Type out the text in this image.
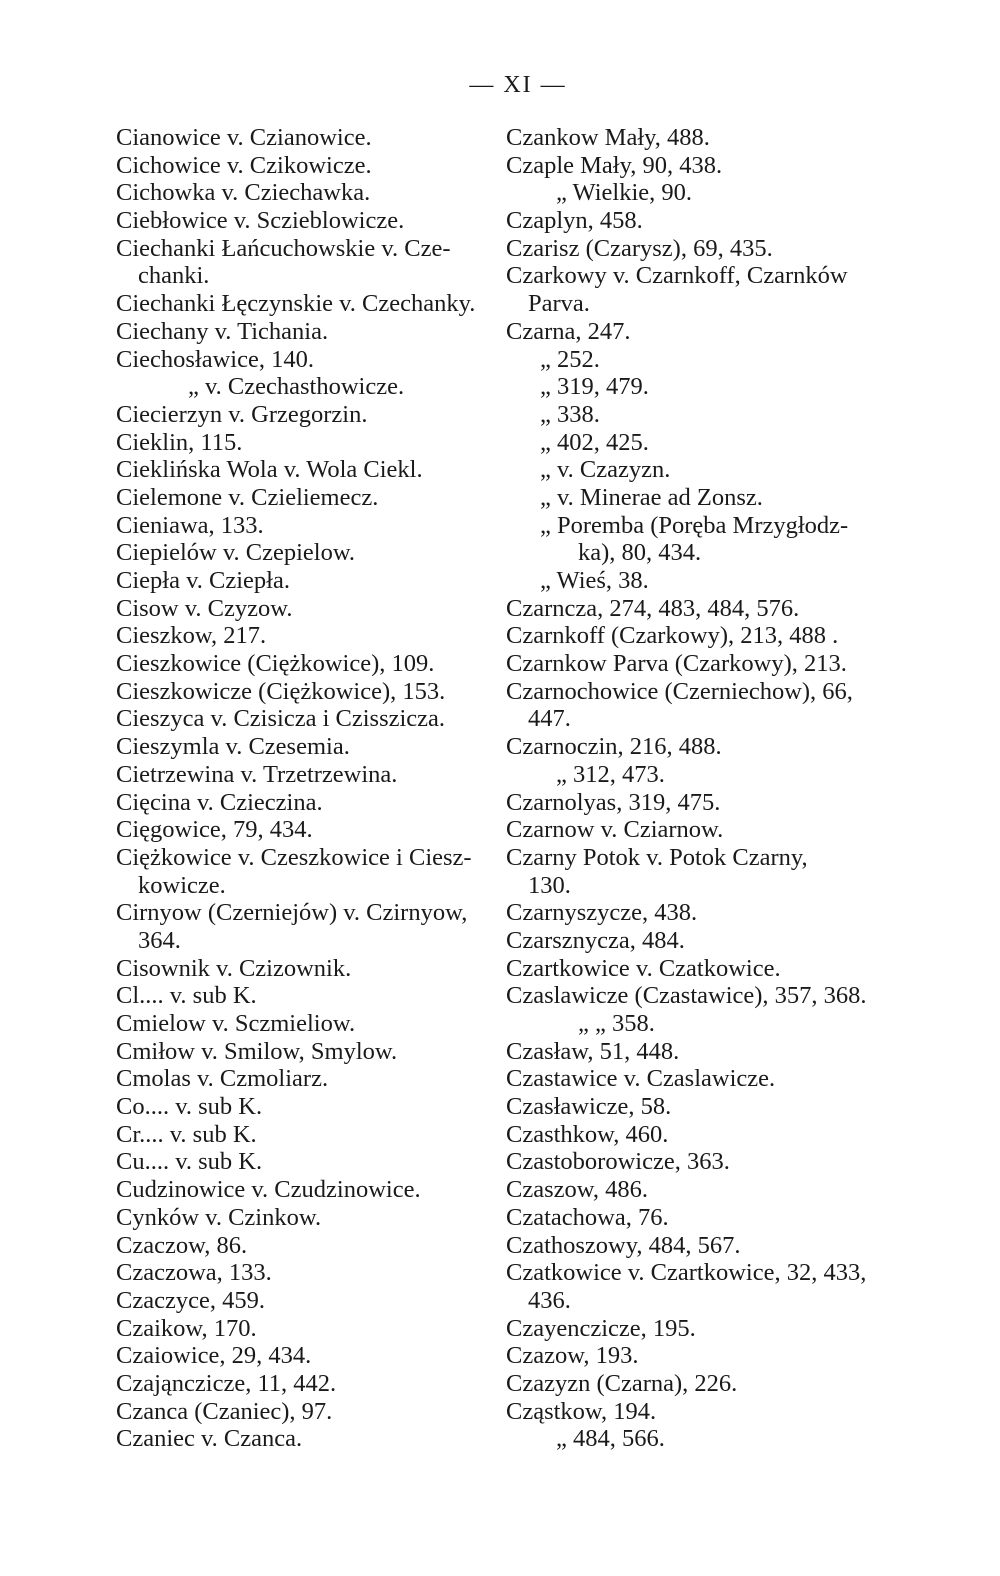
— XI —
Cianowice v. Czianowice.
Cichowice v. Czikowicze.
Cichowka v. Cziechawka.
Ciebłowice v. Sczieblowicze.
Ciechanki Łańcuchowskie v. Cze-
chanki.
Ciechanki Łęczynskie v. Czechanky.
Ciechany v. Tichania.
Ciechosławice, 140.
„ v. Czechasthowicze.
Ciecierzyn v. Grzegorzin.
Cieklin, 115.
Cieklińska Wola v. Wola Ciekl.
Cielemone v. Czieliemecz.
Cieniawa, 133.
Ciepielów v. Czepielow.
Ciepła v. Cziepła.
Cisow v. Czyzow.
Cieszkow, 217.
Cieszkowice (Ciężkowice), 109.
Cieszkowicze (Ciężkowice), 153.
Cieszyca v. Czisicza i Czisszicza.
Cieszymla v. Czesemia.
Cietrzewina v. Trzetrzewina.
Cięcina v. Czieczina.
Cięgowice, 79, 434.
Ciężkowice v. Czeszkowice i Ciesz-
kowicze.
Cirnyow (Czerniejów) v. Czirnyow,
364.
Cisownik v. Czizownik.
Cl.... v. sub K.
Cmielow v. Sczmieliow.
Cmiłow v. Smilow, Smylow.
Cmolas v. Czmoliarz.
Co.... v. sub K.
Cr.... v. sub K.
Cu.... v. sub K.
Cudzinowice v. Czudzinowice.
Cynków v. Czinkow.
Czaczow, 86.
Czaczowa, 133.
Czaczyce, 459.
Czaikow, 170.
Czaiowice, 29, 434.
Czająnczicze, 11, 442.
Czanca (Czaniec), 97.
Czaniec v. Czanca.
Czankow Mały, 488.
Czaple Mały, 90, 438.
„ Wielkie, 90.
Czaplyn, 458.
Czarisz (Czarysz), 69, 435.
Czarkowy v. Czarnkoff, Czarnków
Parva.
Czarna, 247.
„ 252.
„ 319, 479.
„ 338.
„ 402, 425.
„ v. Czazyzn.
„ v. Minerae ad Zonsz.
„ Poremba (Poręba Mrzygłodz-
ka), 80, 434.
„ Wieś, 38.
Czarncza, 274, 483, 484, 576.
Czarnkoff (Czarkowy), 213, 488 .
Czarnkow Parva (Czarkowy), 213.
Czarnochowice (Czerniechow), 66,
447.
Czarnoczin, 216, 488.
„ 312, 473.
Czarnolyas, 319, 475.
Czarnow v. Cziarnow.
Czarny Potok v. Potok Czarny,
130.
Czarnyszycze, 438.
Czarsznycza, 484.
Czartkowice v. Czatkowice.
Czaslawicze (Czastawice), 357, 368.
„ „ 358.
Czasław, 51, 448.
Czastawice v. Czaslawicze.
Czasławicze, 58.
Czasthkow, 460.
Czastoborowicze, 363.
Czaszow, 486.
Czatachowa, 76.
Czathoszowy, 484, 567.
Czatkowice v. Czartkowice, 32, 433,
436.
Czayenczicze, 195.
Czazow, 193.
Czazyzn (Czarna), 226.
Cząstkow, 194.
„ 484, 566.
